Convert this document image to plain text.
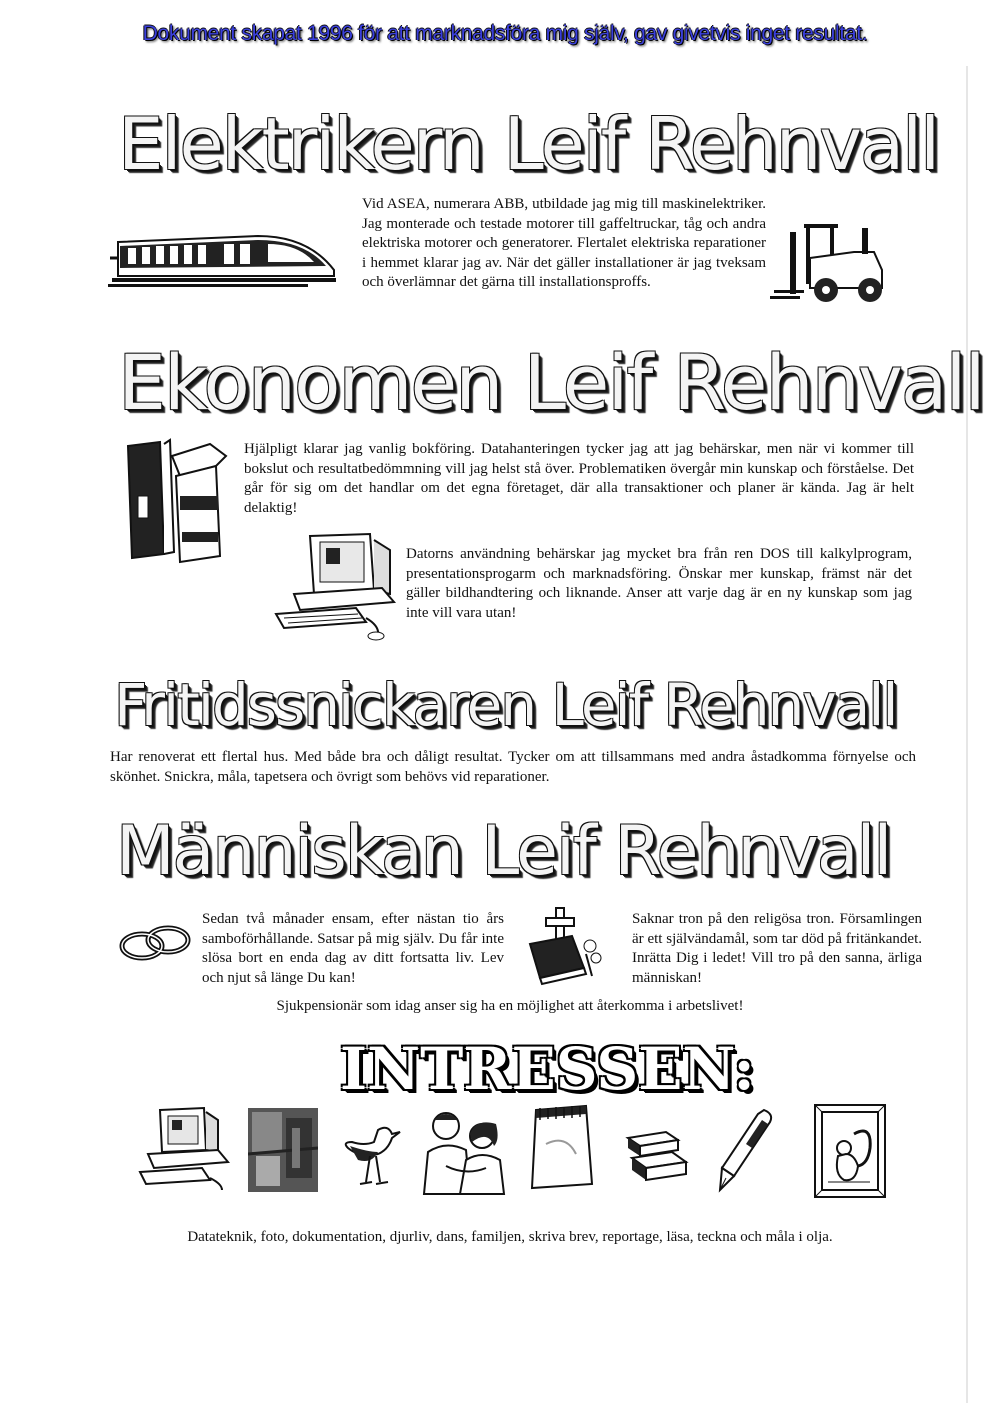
Dokument skapat 1996 för att marknadsföra mig själv, gav givetvis inget resultat.
Elektrikern Leif Rehnvall
Vid ASEA, numerara ABB, utbildade jag mig till maskinelektriker. Jag monterade och testade motorer till gaffeltruckar, tåg och andra elektriska motorer och generatorer. Flertalet elektriska reparationer i hemmet klarar jag av. När det gäller installationer är jag tveksam och överlämnar det gärna till installationsproffs.
Ekonomen Leif Rehnvall
Hjälpligt klarar jag vanlig bokföring. Datahanteringen tycker jag att jag behärskar, men när vi kommer till bokslut och resultatbedömmning vill jag helst stå över. Problematiken övergår min kunskap och förståelse. Det går för sig om det handlar om det egna företaget, där alla transaktioner och planer är kända. Jag är helt delaktig!
Datorns användning behärskar jag mycket bra från ren DOS till kalkylprogram, presentationsprogarm och marknadsföring. Önskar mer kunskap, främst när det gäller bildhandtering och liknande. Anser att varje dag är en ny kunskap som jag inte vill vara utan!
Fritidssnickaren Leif Rehnvall
Har renoverat ett flertal hus. Med både bra och dåligt resultat. Tycker om att tillsammans med andra åstadkomma förnyelse och skönhet. Snickra, måla, tapetsera och övrigt som behövs vid reparationer.
Människan Leif Rehnvall
Sedan två månader ensam, efter nästan tio års samboförhållande. Satsar på mig själv. Du får inte slösa bort en enda dag av ditt fortsatta liv. Lev och njut så länge Du kan!
Saknar tron på den religösa tron. Församlingen är ett självändamål, som tar död på fritänkandet. Inrätta Dig i ledet! Vill tro på den sanna, ärliga människan!
Sjukpensionär som idag anser sig ha en möjlighet att återkomma i arbetslivet!
INTRESSEN:
Datateknik, foto, dokumentation, djurliv, dans, familjen, skriva brev, reportage, läsa, teckna och måla i olja.
